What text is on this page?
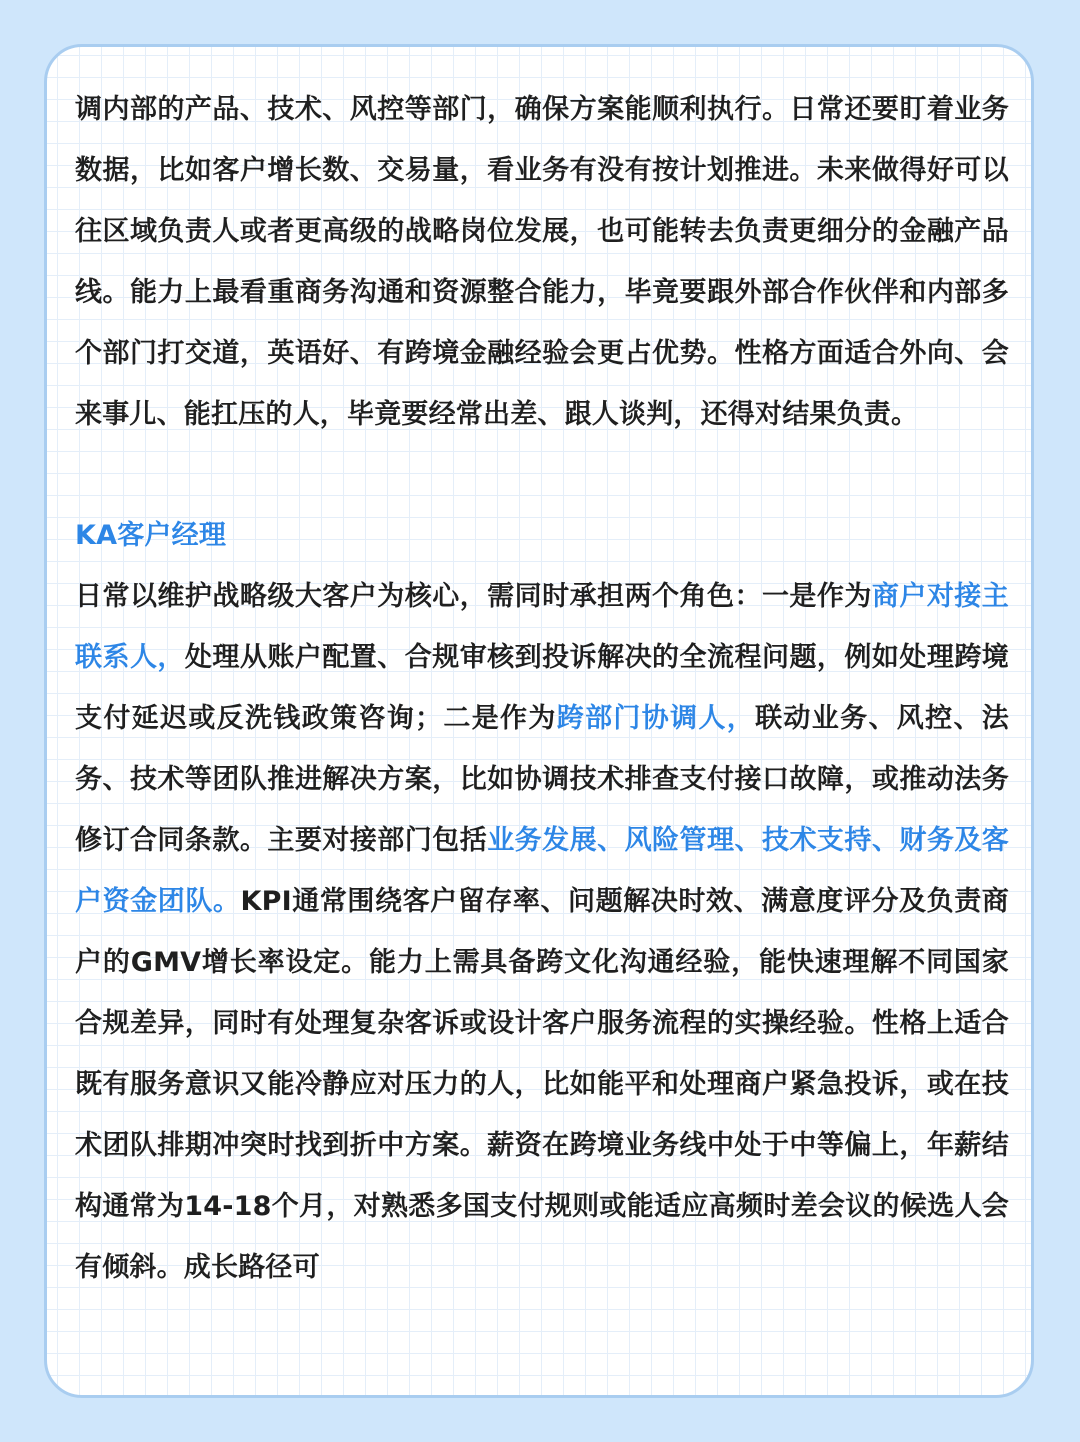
调内部的产品、技术、风控等部门，确保方案能顺利执行。日常还要盯着业务数据，比如客户增长数、交易量，看业务有没有按计划推进。未来做得好可以往区域负责人或者更高级的战略岗位发展，也可能转去负责更细分的金融产品线。能力上最看重商务沟通和资源整合能力，毕竟要跟外部合作伙伴和内部多个部门打交道，英语好、有跨境金融经验会更占优势。性格方面适合外向、会来事儿、能扛压的人，毕竟要经常出差、跟人谈判，还得对结果负责。

KA客户经理

日常以维护战略级大客户为核心，需同时承担两个角色：一是作为商户对接主联系人，处理从账户配置、合规审核到投诉解决的全流程问题，例如处理跨境支付延迟或反洗钱政策咨询；二是作为跨部门协调人，联动业务、风控、法务、技术等团队推进解决方案，比如协调技术排查支付接口故障，或推动法务修订合同条款。主要对接部门包括业务发展、风险管理、技术支持、财务及客户资金团队。KPI通常围绕客户留存率、问题解决时效、满意度评分及负责商户的GMV增长率设定。能力上需具备跨文化沟通经验，能快速理解不同国家合规差异，同时有处理复杂客诉或设计客户服务流程的实操经验。性格上适合既有服务意识又能冷静应对压力的人，比如能平和处理商户紧急投诉，或在技术团队排期冲突时找到折中方案。薪资在跨境业务线中处于中等偏上，年薪结构通常为14-18个月，对熟悉多国支付规则或能适应高频时差会议的候选人会有倾斜。成长路径可
